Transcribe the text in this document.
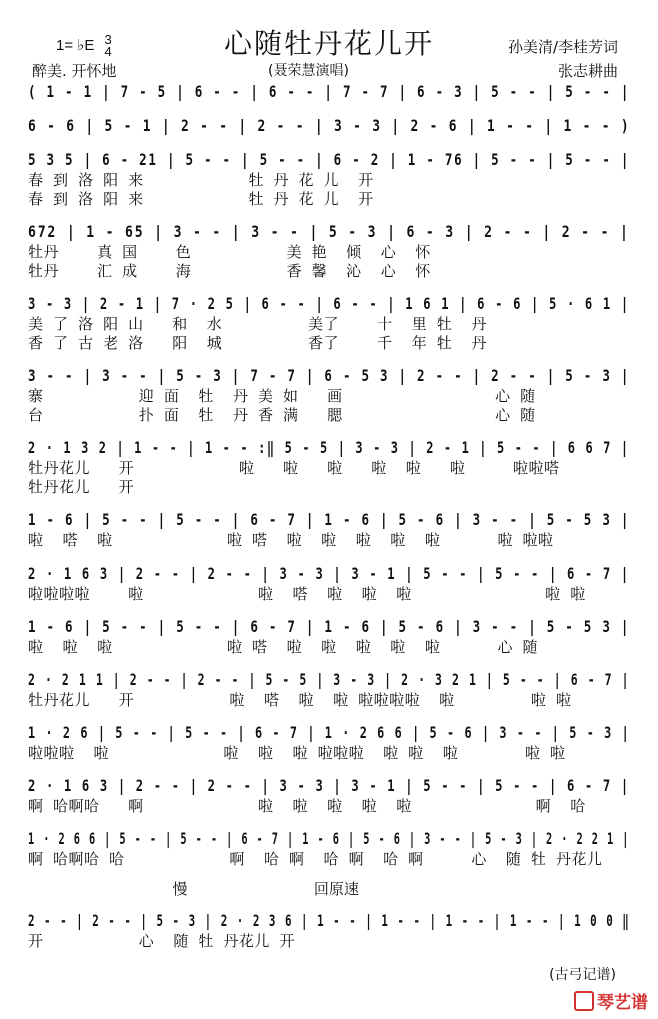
1= ♭E 3
4	心随牡丹花儿开	孙美清/李桂芳词
醉美. 开怀地	(聂荣慧演唱)	张志耕曲
( 1 - 1 | 7 - 5 | 6 - - | 6 - - | 7 - 7 | 6 - 3 | 5 - - | 5 - - |
6 - 6 | 5 - 1 | 2 - - | 2 - - | 3 - 3 | 2 - 6 | 1 - - | 1 - - )
5 3 5 | 6 - 21 | 5 - - | 5 - - | 6 - 2 | 1 - 76 | 5 - - | 5 - - |
春 到 洛 阳 来           牡 丹 花 儿  开
春 到 洛 阳 来           牡 丹 花 儿  开
672 | 1 - 65 | 3 - - | 3 - - | 5 - 3 | 6 - 3 | 2 - - | 2 - - |
牡丹    真 国    色          美 艳  倾  心  怀
牡丹    汇 成    海          香 馨  沁  心  怀
3 - 3 | 2 - 1 | 7 · 2 5 | 6 - - | 6 - - | 1 6 1 | 6 - 6 | 5 · 6 1 |
美 了 洛 阳 山   和  水         美了    十  里 牡  丹
香 了 古 老 洛   阳  城         香了    千  年 牡  丹
3 - - | 3 - - | 5 - 3 | 7 - 7 | 6 - 5 3 | 2 - - | 2 - - | 5 - 3 |
寨          迎 面  牡  丹 美 如   画                心 随
台          扑 面  牡  丹 香 满   腮                心 随
2 · 1 3 2 | 1 - - | 1 - - :‖ 5 - 5 | 3 - 3 | 2 - 1 | 5 - - | 6 6 7 |
牡丹花儿   开           啦   啦   啦   啦  啦   啦     啦啦嗒
牡丹花儿   开
1 - 6 | 5 - - | 5 - - | 6 - 7 | 1 - 6 | 5 - 6 | 3 - - | 5 - 5 3 |
啦  嗒  啦            啦 嗒  啦  啦  啦  啦  啦      啦 啦啦
2 · 1 6 3 | 2 - - | 2 - - | 3 - 3 | 3 - 1 | 5 - - | 5 - - | 6 - 7 |
啦啦啦啦    啦            啦  嗒  啦  啦  啦              啦 啦
1 - 6 | 5 - - | 5 - - | 6 - 7 | 1 - 6 | 5 - 6 | 3 - - | 5 - 5 3 |
啦  啦  啦            啦 嗒  啦  啦  啦  啦  啦      心 随
2 · 2 1 1 | 2 - - | 2 - - | 5 - 5 | 3 - 3 | 2 · 3 2 1 | 5 - - | 6 - 7 |
牡丹花儿   开          啦  嗒  啦  啦 啦啦啦啦  啦        啦 啦
1 · 2 6 | 5 - - | 5 - - | 6 - 7 | 1 · 2 6 6 | 5 - 6 | 3 - - | 5 - 3 |
啦啦啦  啦            啦  啦  啦 啦啦啦  啦 啦  啦       啦 啦
2 · 1 6 3 | 2 - - | 2 - - | 3 - 3 | 3 - 1 | 5 - - | 5 - - | 6 - 7 |
啊 哈啊哈   啊            啦  啦  啦  啦  啦             啊  哈
1 · 2 6 6 | 5 - - | 5 - - | 6 - 7 | 1 - 6 | 5 - 6 | 3 - - | 5 - 3 | 2 · 2 2 1 |
啊 哈啊哈 哈           啊  哈 啊  哈 啊  哈 啊     心  随 牡 丹花儿
慢              回原速
2 - - | 2 - - | 5 - 3 | 2 · 2 3 6 | 1 - - | 1 - - | 1 - - | 1 - - | 1 0 0 ‖
开          心  随 牡 丹花儿 开
(古弓记谱)
琴艺谱
